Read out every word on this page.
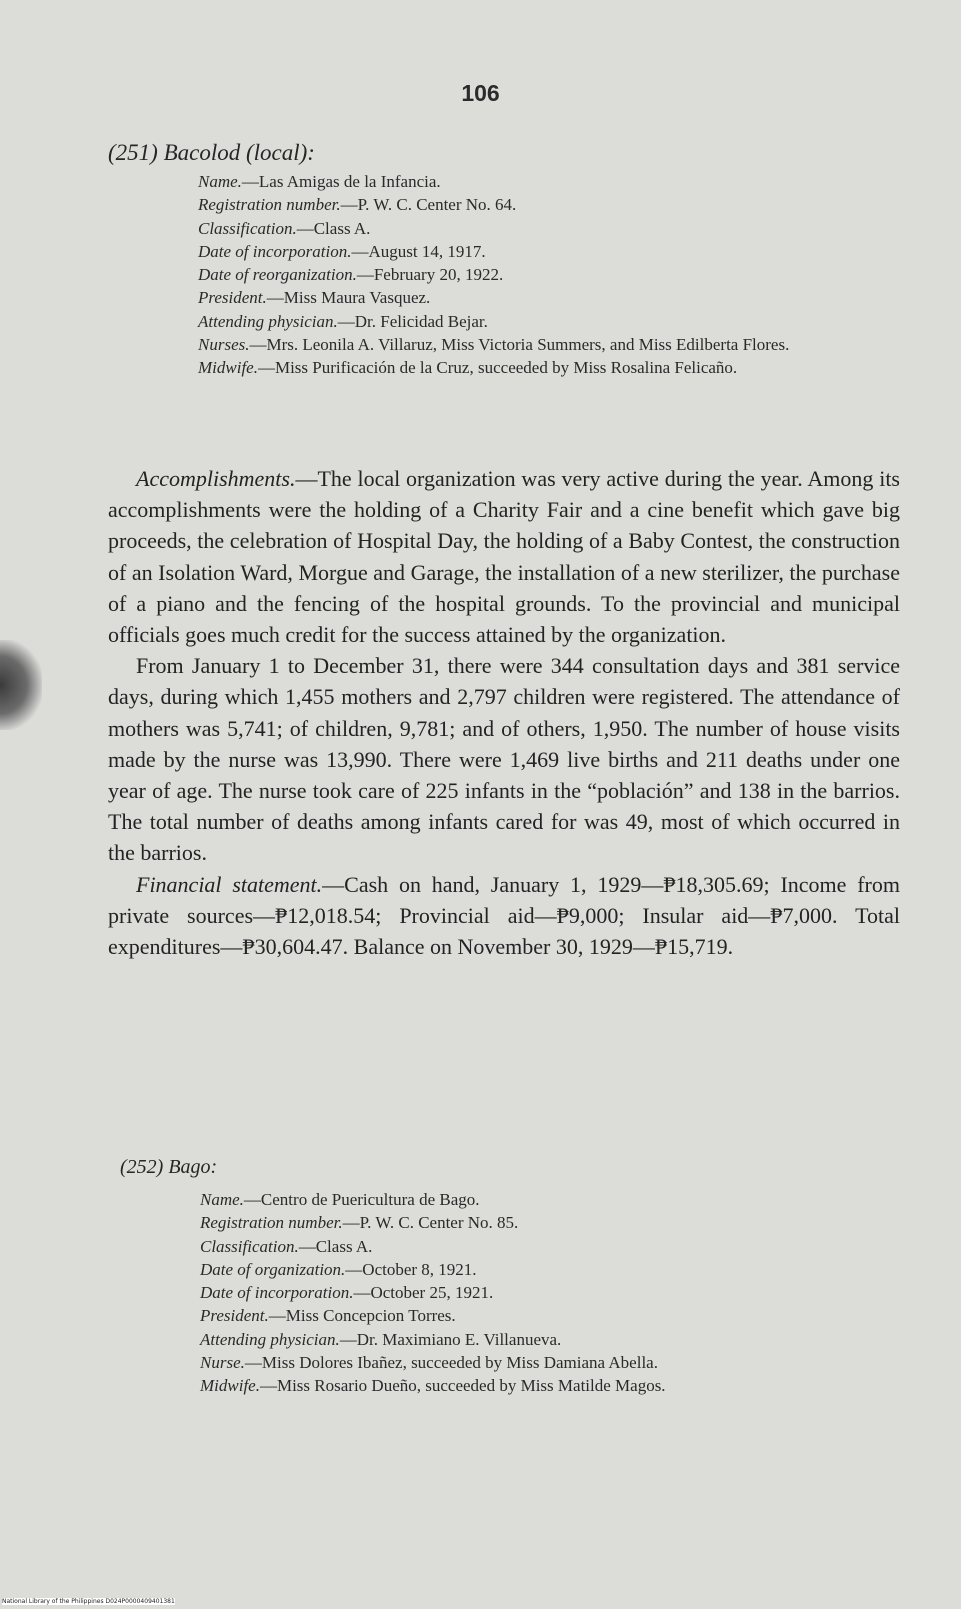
106
(251) Bacolod (local):
Name.—Las Amigas de la Infancia.
Registration number.—P. W. C. Center No. 64.
Classification.—Class A.
Date of incorporation.—August 14, 1917.
Date of reorganization.—February 20, 1922.
President.—Miss Maura Vasquez.
Attending physician.—Dr. Felicidad Bejar.
Nurses.—Mrs. Leonila A. Villaruz, Miss Victoria Summers, and Miss Edilberta Flores.
Midwife.—Miss Purificación de la Cruz, succeeded by Miss Rosalina Felicaño.

Accomplishments.—The local organization was very active during the year. Among its accomplishments were the holding of a Charity Fair and a cine benefit which gave big proceeds, the celebration of Hospital Day, the holding of a Baby Contest, the construction of an Isolation Ward, Morgue and Garage, the installation of a new sterilizer, the purchase of a piano and the fencing of the hospital grounds. To the provincial and municipal officials goes much credit for the success attained by the organization.

From January 1 to December 31, there were 344 consultation days and 381 service days, during which 1,455 mothers and 2,797 children were registered. The attendance of mothers was 5,741; of children, 9,781; and of others, 1,950. The number of house visits made by the nurse was 13,990. There were 1,469 live births and 211 deaths under one year of age. The nurse took care of 225 infants in the “población” and 138 in the barrios. The total number of deaths among infants cared for was 49, most of which occurred in the barrios.

Financial statement.—Cash on hand, January 1, 1929—₱18,305.69; Income from private sources—₱12,018.54; Provincial aid—₱9,000; Insular aid—₱7,000. Total expenditures—₱30,604.47. Balance on November 30, 1929—₱15,719.

(252) Bago:
Name.—Centro de Puericultura de Bago.
Registration number.—P. W. C. Center No. 85.
Classification.—Class A.
Date of organization.—October 8, 1921.
Date of incorporation.—October 25, 1921.
President.—Miss Concepcion Torres.
Attending physician.—Dr. Maximiano E. Villanueva.
Nurse.—Miss Dolores Ibañez, succeeded by Miss Damiana Abella.
Midwife.—Miss Rosario Dueño, succeeded by Miss Matilde Magos.
National Library of the Philippines D024P0000409401381
